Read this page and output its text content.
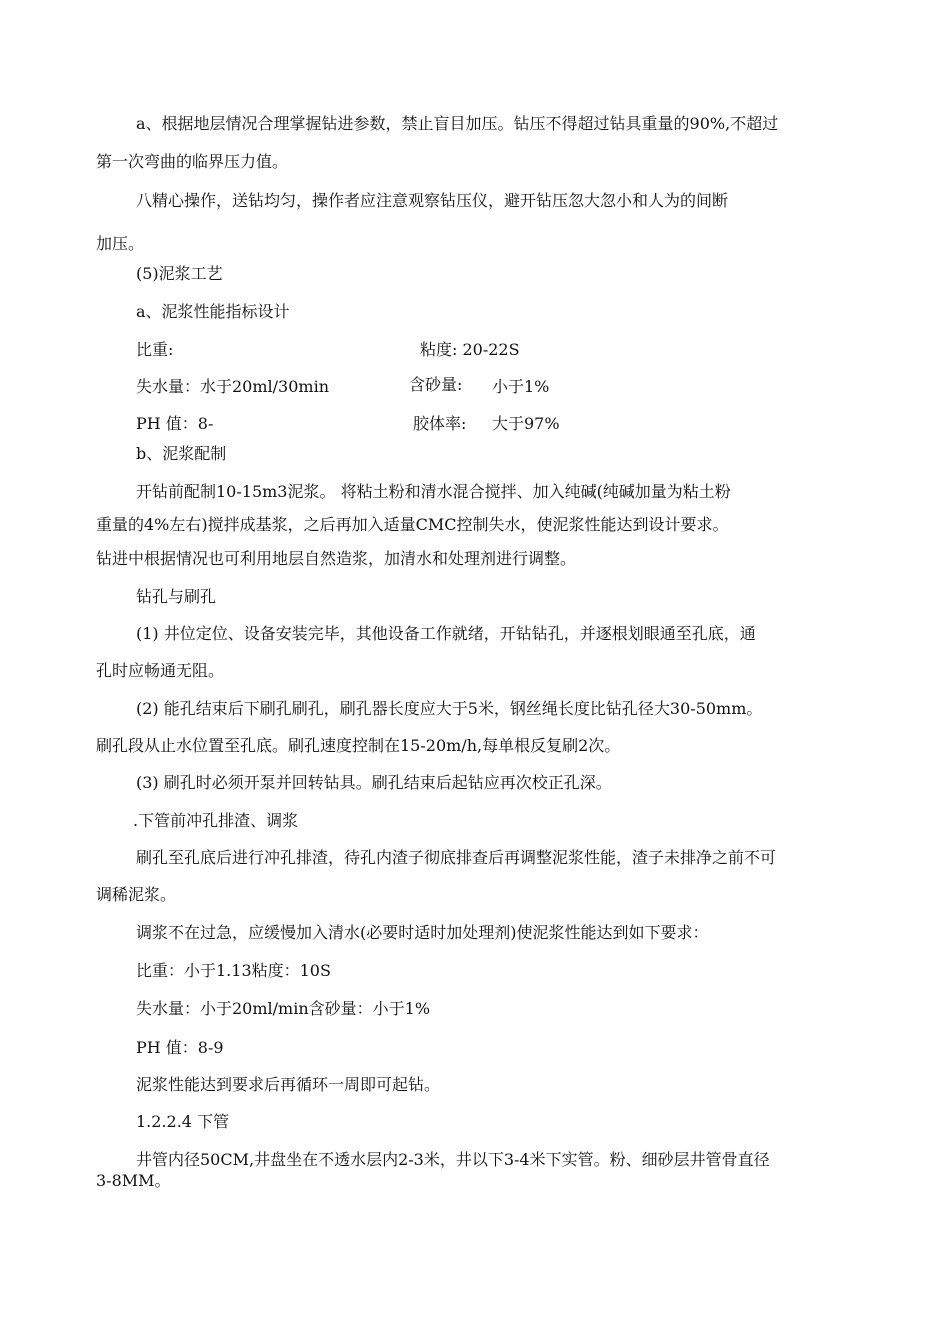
a、根据地层情况合理掌握钻进参数，禁止盲目加压。钻压不得超过钻具重量的90%,不超过
第一次弯曲的临界压力值。
八精心操作，送钻均匀，操作者应注意观察钻压仪，避开钻压忽大忽小和人为的间断
加压。
(5)泥浆工艺
a、泥浆性能指标设计
比重:	粘度: 20-22S
失水量：水于20ml/30min	含砂量: 小于1%
PH 值：8-	胶体率: 大于97%
b、泥浆配制
开钻前配制10-15m3泥浆。 将粘土粉和清水混合搅拌、加入纯碱(纯碱加量为粘土粉
重量的4%左右)搅拌成基浆，之后再加入适量CMC控制失水，使泥浆性能达到设计要求。
钻进中根据情况也可利用地层自然造浆，加清水和处理剂进行调整。
钻孔与刷孔
(1) 井位定位、设备安装完毕，其他设备工作就绪，开钻钻孔，并逐根划眼通至孔底，通
孔时应畅通无阻。
(2) 能孔结束后下刷孔刷孔，刷孔器长度应大于5米，钢丝绳长度比钻孔径大30-50mm。
刷孔段从止水位置至孔底。刷孔速度控制在15-20m/h,每单根反复刷2次。
(3) 刷孔时必须开泵并回转钻具。刷孔结束后起钻应再次校正孔深。
.下管前冲孔排渣、调浆
刷孔至孔底后进行冲孔排渣，待孔内渣子彻底排查后再调整泥浆性能，渣子未排净之前不可
调稀泥浆。
调浆不在过急，应缓慢加入清水(必要时适时加处理剂)使泥浆性能达到如下要求：
比重：小于1.13粘度：10S
失水量：小于20ml/min含砂量：小于1%
PH 值：8-9
泥浆性能达到要求后再循环一周即可起钻。
1.2.2.4 下管
井管内径50CM,井盘坐在不透水层内2-3米，井以下3-4米下实管。粉、细砂层井管骨直径
3-8MM。
